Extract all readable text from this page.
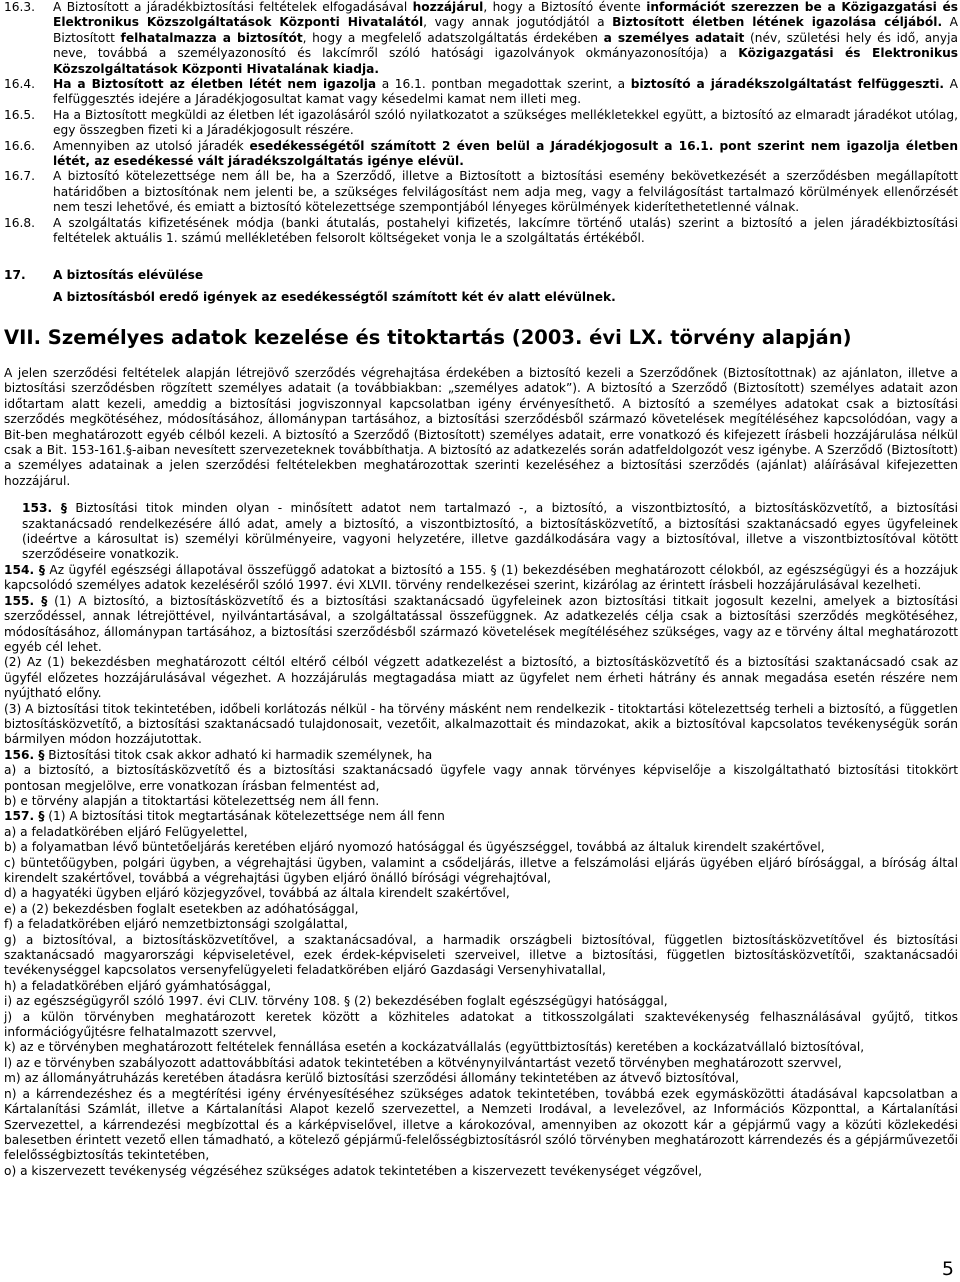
16.3. A Biztosított a járadékbiztosítási feltételek elfogadásával hozzájárul, hogy a Biztosító évente információt szerezzen be a Közigazgatási és Elektronikus Közszolgáltatások Központi Hivatalától, vagy annak jogutódjától a Biztosított életben létének igazolása céljából. A Biztosított felhatalmazza a biztosítót, hogy a megfelelő adatszolgáltatás érdekében a személyes adatait (név, születési hely és idő, anyja neve, továbbá a személyazonosító és lakcímről szóló hatósági igazolványok okmányazonosítója) a Közigazgatási és Elektronikus Közszolgáltatások Központi Hivatalának kiadja.
16.4. Ha a Biztosított az életben létét nem igazolja a 16.1. pontban megadottak szerint, a biztosító a járadékszolgáltatást felfüggeszti. A felfüggesztés idejére a Járadékjogosultat kamat vagy késedelmi kamat nem illeti meg.
16.5. Ha a Biztosított megküldi az életben lét igazolásáról szóló nyilatkozatot a szükséges mellékletekkel együtt, a biztosító az elmaradt járadékot utólag, egy összegben fizeti ki a Járadékjogosult részére.
16.6. Amennyiben az utolsó járadék esedékességétől számított 2 éven belül a Járadékjogosult a 16.1. pont szerint nem igazolja életben létét, az esedékessé vált járadékszolgáltatás igénye elévül.
16.7. A biztosító kötelezettsége nem áll be, ha a Szerződő, illetve a Biztosított a biztosítási esemény bekövetkezését a szerződésben megállapított határidőben a biztosítónak nem jelenti be, a szükséges felvilágosítást nem adja meg, vagy a felvilágosítást tartalmazó körülmények ellenőrzését nem teszi lehetővé, és emiatt a biztosító kötelezettsége szempontjából lényeges körülmények kiderítethetetlenné válnak.
16.8. A szolgáltatás kifizetésének módja (banki átutalás, postahelyi kifizetés, lakcímre történő utalás) szerint a biztosító a jelen járadékbiztosítási feltételek aktuális 1. számú mellékletében felsorolt költségeket vonja le a szolgáltatás értékéből.
17. A biztosítás elévülése
A biztosításból eredő igények az esedékességtől számított két év alatt elévülnek.
VII. Személyes adatok kezelése és titoktartás (2003. évi LX. törvény alapján)

A jelen szerződési feltételek alapján létrejövő szerződés végrehajtása érdekében a biztosító kezeli a Szerződőnek (Biztosítottnak) az ajánlaton, illetve a biztosítási szerződésben rögzített személyes adatait (a továbbiakban: „személyes adatok”). A biztosító a Szerződő (Biztosított) személyes adatait azon időtartam alatt kezeli, ameddig a biztosítási jogviszonnyal kapcsolatban igény érvényesíthető. A biztosító a személyes adatokat csak a biztosítási szerződés megkötéséhez, módosításához, állománypan tartásához, a biztosítási szerződésből származó követelések megítéléséhez kapcsolódóan, vagy a Bit-ben meghatározott egyéb célból kezeli. A biztosító a Szerződő (Biztosított) személyes adatait, erre vonatkozó és kifejezett írásbeli hozzájárulása nélkül csak a Bit. 153-161.§-aiban nevesített szervezeteknek továbbíthatja. A biztosító az adatkezelés során adatfeldolgozót vesz igénybe. A Szerződő (Biztosított) a személyes adatainak a jelen szerződési feltételekben meghatározottak szerinti kezeléséhez a biztosítási szerződés (ajánlat) aláírásával kifejezetten hozzájárul.

153. § Biztosítási titok minden olyan - minősített adatot nem tartalmazó -, a biztosító, a viszontbiztosító, a biztosításközvetítő, a biztosítási szaktanácsadó rendelkezésére álló adat, amely a biztosító, a viszontbiztosító, a biztosításközvetítő, a biztosítási szaktanácsadó egyes ügyfeleinek (ideértve a károsultat is) személyi körülményeire, vagyoni helyzetére, illetve gazdálkodására vagy a biztosítóval, illetve a viszontbiztosítóval kötött szerződéseire vonatkozik.

154. § Az ügyfél egészségi állapotával összefüggő adatokat a biztosító a 155. § (1) bekezdésében meghatározott célokból, az egészségügyi és a hozzájuk kapcsolódó személyes adatok kezeléséről szóló 1997. évi XLVII. törvény rendelkezései szerint, kizárólag az érintett írásbeli hozzájárulásával kezelheti.

155. § (1) A biztosító, a biztosításközvetítő és a biztosítási szaktanácsadó ügyfeleinek azon biztosítási titkait jogosult kezelni, amelyek a biztosítási szerződéssel, annak létrejöttével, nyilvántartásával, a szolgáltatással összefüggnek. Az adatkezelés célja csak a biztosítási szerződés megkötéséhez, módosításához, állománypan tartásához, a biztosítási szerződésből származó követelések megítéléséhez szükséges, vagy az e törvény által meghatározott egyéb cél lehet.

(2) Az (1) bekezdésben meghatározott céltól eltérő célból végzett adatkezelést a biztosító, a biztosításközvetítő és a biztosítási szaktanácsadó csak az ügyfél előzetes hozzájárulásával végezhet. A hozzájárulás megtagadása miatt az ügyfelet nem érheti hátrány és annak megadása esetén részére nem nyújtható előny.

(3) A biztosítási titok tekintetében, időbeli korlátozás nélkül - ha törvény másként nem rendelkezik - titoktartási kötelezettség terheli a biztosító, a független biztosításközvetítő, a biztosítási szaktanácsadó tulajdonosait, vezetőit, alkalmazottait és mindazokat, akik a biztosítóval kapcsolatos tevékenységük során bármilyen módon hozzájutottak.

156. § Biztosítási titok csak akkor adható ki harmadik személynek, ha

a) a biztosító, a biztosításközvetítő és a biztosítási szaktanácsadó ügyfele vagy annak törvényes képviselője a kiszolgáltatható biztosítási titokkört pontosan megjelölve, erre vonatkozan írásban felmentést ad,

b) e törvény alapján a titoktartási kötelezettség nem áll fenn.

157. § (1) A biztosítási titok megtartásának kötelezettsége nem áll fenn

a) a feladatkörében eljáró Felügyelettel,

b) a folyamatban lévő büntetőeljárás keretében eljáró nyomozó hatósággal és ügyészséggel, továbbá az általuk kirendelt szakértővel,

c) büntetőügyben, polgári ügyben, a végrehajtási ügyben, valamint a csődeljárás, illetve a felszámolási eljárás ügyében eljáró bírósággal, a bíróság által kirendelt szakértővel, továbbá a végrehajtási ügyben eljáró önálló bírósági végrehajtóval,

d) a hagyatéki ügyben eljáró közjegyzővel, továbbá az általa kirendelt szakértővel,

e) a (2) bekezdésben foglalt esetekben az adóhatósággal,

f) a feladatkörében eljáró nemzetbiztonsági szolgálattal,

g) a biztosítóval, a biztosításközvetítővel, a szaktanácsadóval, a harmadik országbeli biztosítóval, független biztosításközvetítővel és biztosítási szaktanácsadó magyarországi képviseletével, ezek érdek-képviseleti szerveivel, illetve a biztosítási, független biztosításközvetítői, szaktanácsadói tevékenységgel kapcsolatos versenyfelügyeleti feladatkörében eljáró Gazdasági Versenyhivatallal,

h) a feladatkörében eljáró gyámhatósággal,

i) az egészségügyről szóló 1997. évi CLIV. törvény 108. § (2) bekezdésében foglalt egészségügyi hatósággal,

j) a külön törvényben meghatározott keretek között a közhiteles adatokat a titkosszolgálati szaktevékenység felhasználásával gyűjtő, titkos információgyűjtésre felhatalmazott szervvel,

k) az e törvényben meghatározott feltételek fennállása esetén a kockázatvállalás (együttbiztosítás) keretében a kockázatvállaló biztosítóval,

l) az e törvényben szabályozott adattovábbítási adatok tekintetében a kötvénynyilvántartást vezető törvényben meghatározott szervvel,

m) az állományátruházás keretében átadásra kerülő biztosítási szerződési állomány tekintetében az átvevő biztosítóval,

n) a kárrendezéshez és a megtérítési igény érvényesítéséhez szükséges adatok tekintetében, továbbá ezek egymásközötti átadásával kapcsolatban a Kártalanítási Számlát, illetve a Kártalanítási Alapot kezelő szervezettel, a Nemzeti Irodával, a levelezővel, az Információs Központtal, a Kártalanítási Szervezettel, a kárrendezési megbízottal és a kárképviselővel, illetve a károkozóval, amennyiben az okozott kár a gépjármű vagy a közúti közlekedési balesetben érintett vezető ellen támadható, a kötelező gépjármű-felelősségbiztosításról szóló törvényben meghatározott kárrendezés és a gépjárművezetői felelősségbiztosítás tekintetében,

o) a kiszervezett tevékenység végzéséhez szükséges adatok tekintetében a kiszervezett tevékenységet végzővel,

5
